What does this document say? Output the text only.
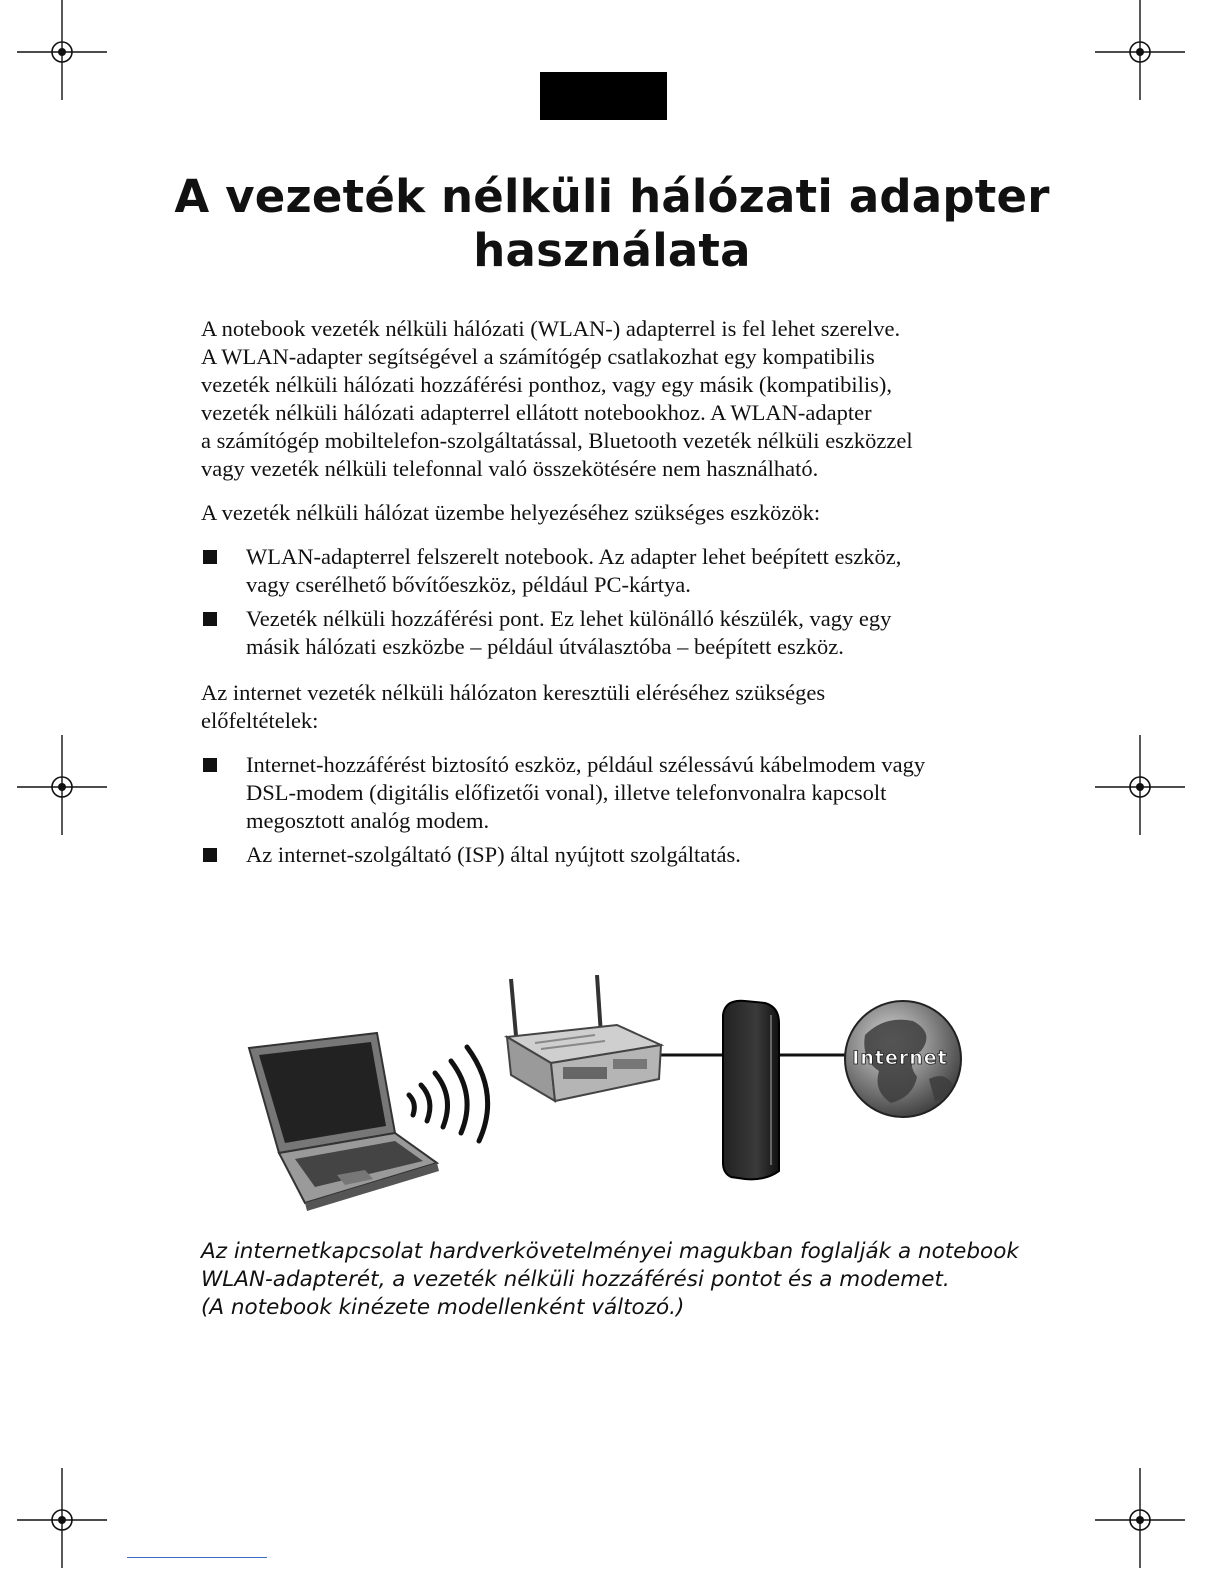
A vezeték nélküli hálózati adapter
használata

A notebook vezeték nélküli hálózati (WLAN-) adapterrel is fel lehet szerelve.
A WLAN-adapter segítségével a számítógép csatlakozhat egy kompatibilis
vezeték nélküli hálózati hozzáférési ponthoz, vagy egy másik (kompatibilis),
vezeték nélküli hálózati adapterrel ellátott notebookhoz. A WLAN-adapter
a számítógép mobiltelefon-szolgáltatással, Bluetooth vezeték nélküli eszközzel
vagy vezeték nélküli telefonnal való összekötésére nem használható.

A vezeték nélküli hálózat üzembe helyezéséhez szükséges eszközök:

WLAN-adapterrel felszerelt notebook. Az adapter lehet beépített eszköz,
vagy cserélhető bővítőeszköz, például PC-kártya.
Vezeték nélküli hozzáférési pont. Ez lehet különálló készülék, vagy egy
másik hálózati eszközbe – például útválasztóba – beépített eszköz.

Az internet vezeték nélküli hálózaton keresztüli eléréséhez szükséges
előfeltételek:

Internet-hozzáférést biztosító eszköz, például szélessávú kábelmodem vagy
DSL-modem (digitális előfizetői vonal), illetve telefonvonalra kapcsolt
megosztott analóg modem.
Az internet-szolgáltató (ISP) által nyújtott szolgáltatás.
Internet

Az internetkapcsolat hardverkövetelményei magukban foglalják a notebook
WLAN-adapterét, a vezeték nélküli hozzáférési pontot és a modemet.
(A notebook kinézete modellenként változó.)
